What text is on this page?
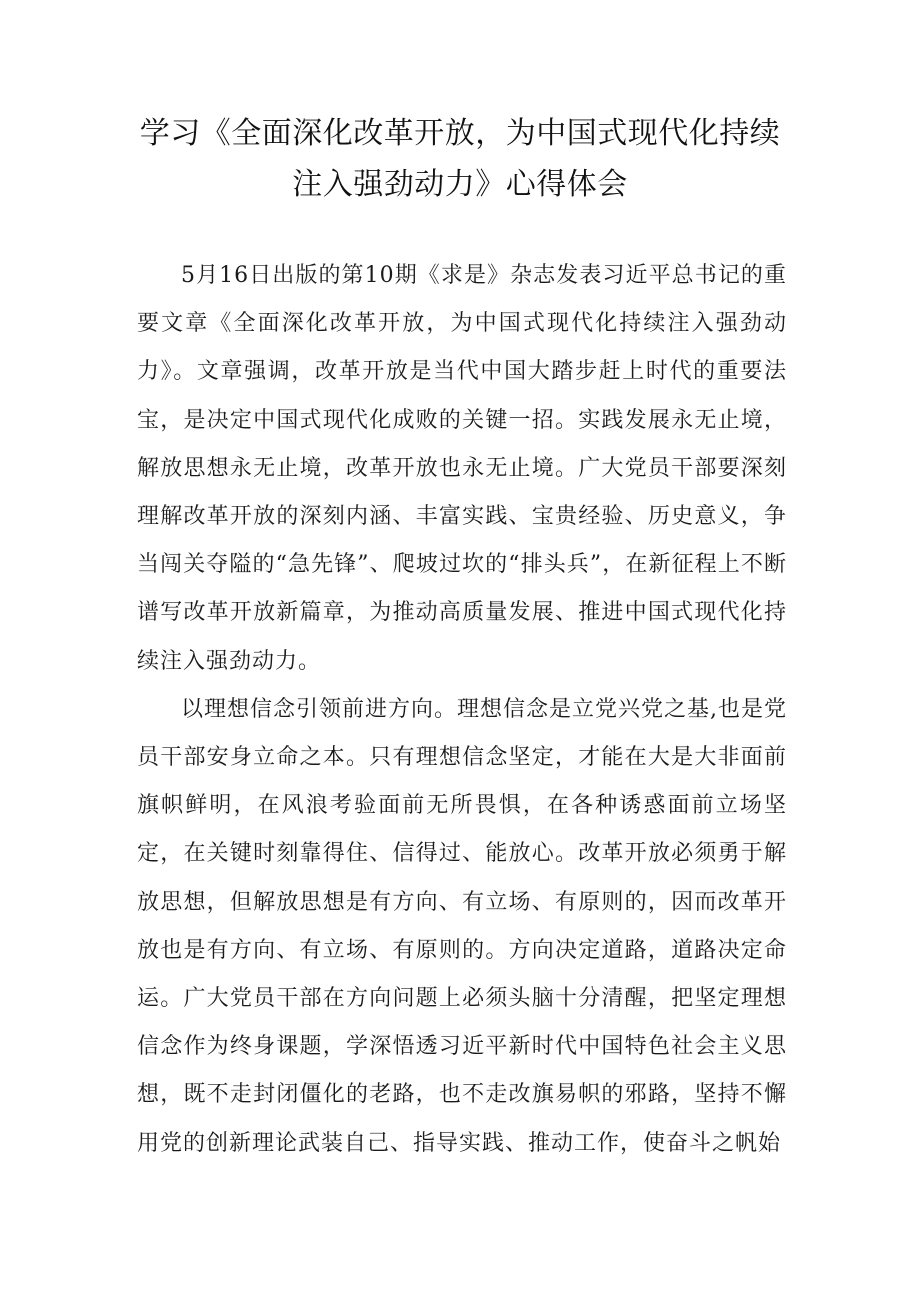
学习《全面深化改革开放，为中国式现代化持续
注入强劲动力》心得体会

5月16日出版的第10期《求是》杂志发表习近平总书记的重要文章《全面深化改革开放，为中国式现代化持续注入强劲动力》。文章强调，改革开放是当代中国大踏步赶上时代的重要法宝，是决定中国式现代化成败的关键一招。实践发展永无止境，解放思想永无止境，改革开放也永无止境。广大党员干部要深刻理解改革开放的深刻内涵、丰富实践、宝贵经验、历史意义，争当闯关夺隘的“急先锋”、爬坡过坎的“排头兵”，在新征程上不断谱写改革开放新篇章，为推动高质量发展、推进中国式现代化持续注入强劲动力。

以理想信念引领前进方向。理想信念是立党兴党之基,也是党员干部安身立命之本。只有理想信念坚定，才能在大是大非面前旗帜鲜明，在风浪考验面前无所畏惧，在各种诱惑面前立场坚定，在关键时刻靠得住、信得过、能放心。改革开放必须勇于解放思想，但解放思想是有方向、有立场、有原则的，因而改革开放也是有方向、有立场、有原则的。方向决定道路，道路决定命运。广大党员干部在方向问题上必须头脑十分清醒，把坚定理想信念作为终身课题，学深悟透习近平新时代中国特色社会主义思想，既不走封闭僵化的老路，也不走改旗易帜的邪路，坚持不懈用党的创新理论武装自己、指导实践、推动工作，使奋斗之帆始
